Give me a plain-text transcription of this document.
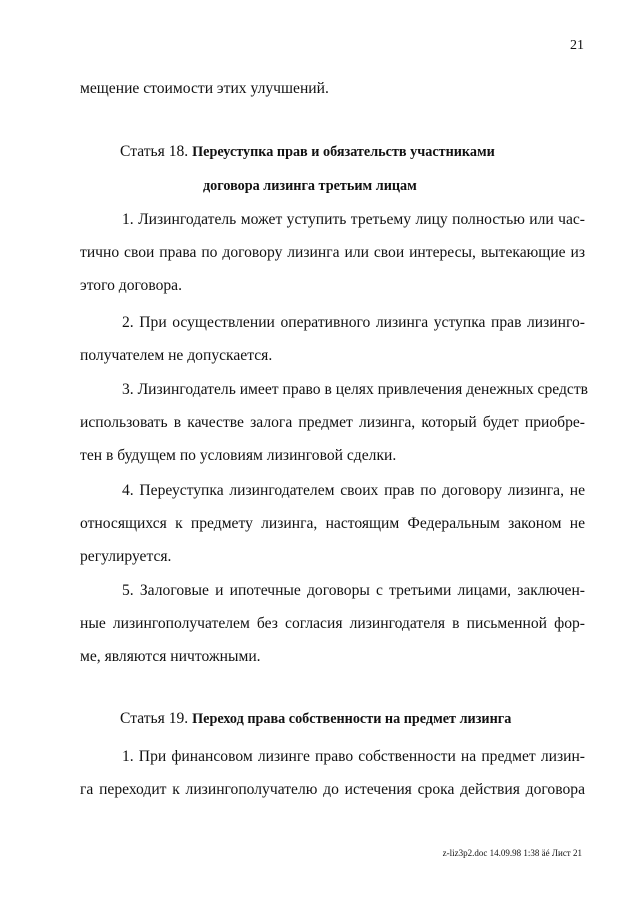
21
мещение стоимости этих улучшений.
Статья 18. Переуступка прав и обязательств участниками
договора лизинга третьим лицам
1. Лизингодатель может уступить третьему лицу полностью или час-
тично свои права по договору лизинга или свои интересы, вытекающие из
этого договора.
2. При осуществлении оперативного лизинга уступка прав лизинго-
получателем не допускается.
3. Лизингодатель имеет право в целях привлечения денежных средств
использовать в качестве залога предмет лизинга, который будет приобре-
тен в будущем по условиям лизинговой сделки.
4. Переуступка лизингодателем своих прав по договору лизинга, не
относящихся к предмету лизинга, настоящим Федеральным законом не
регулируется.
5. Залоговые и ипотечные договоры с третьими лицами, заключен-
ные лизингополучателем без согласия лизингодателя в письменной фор-
ме, являются ничтожными.
Статья 19. Переход права собственности на предмет лизинга
1. При финансовом лизинге право собственности на предмет лизин-
га переходит к лизингополучателю до истечения срока действия договора
z-liz3p2.doc 14.09.98 1:38 äé Лист 21
